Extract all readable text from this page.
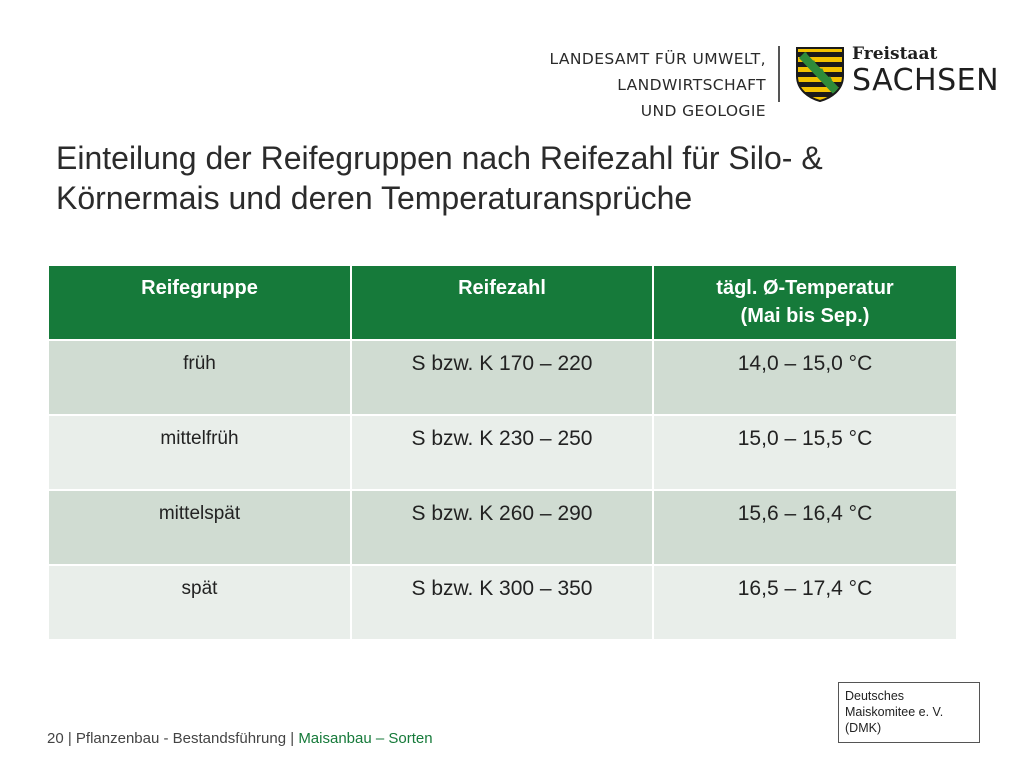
LANDESAMT FÜR UMWELT,
LANDWIRTSCHAFT
UND GEOLOGIE
Freistaat
SACHSEN
Einteilung der Reifegruppen nach Reifezahl für Silo- &
Körnermais und deren Temperaturansprüche
Reifegruppe	Reifezahl	tägl. Ø-Temperatur
(Mai bis Sep.)
früh	S bzw. K 170 – 220	14,0 – 15,0 °C
mittelfrüh	S bzw. K 230 – 250	15,0 – 15,5 °C
mittelspät	S bzw. K 260 – 290	15,6 – 16,4 °C
spät	S bzw. K 300 – 350	16,5 – 17,4 °C
Deutsches
Maiskomitee e. V.
(DMK)
20 | Pflanzenbau - Bestandsführung | Maisanbau – Sorten
